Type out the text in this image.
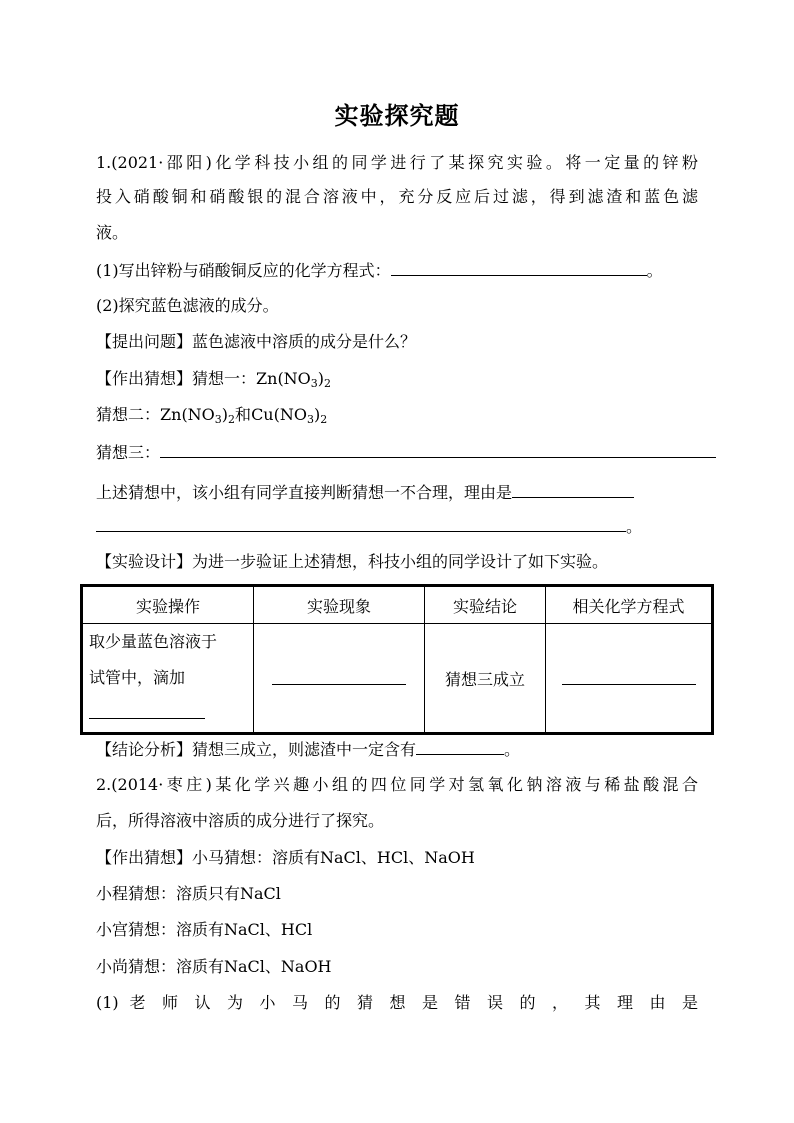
实验探究题
1.(2021·邵阳)化学科技小组的同学进行了某探究实验。将一定量的锌粉
投入硝酸铜和硝酸银的混合溶液中，充分反应后过滤，得到滤渣和蓝色滤
液。
(1)写出锌粉与硝酸铜反应的化学方程式：	。
(2)探究蓝色滤液的成分。
【提出问题】蓝色滤液中溶质的成分是什么？
【作出猜想】猜想一：$Zn(NO_3)_2$
猜想二：$Zn(NO_3)_2$和$Cu(NO_3)_2$
猜想三：
上述猜想中，该小组有同学直接判断猜想一不合理，理由是
。
【实验设计】为进一步验证上述猜想，科技小组的同学设计了如下实验。
实验操作	实验现象	实验结论	相关化学方程式

取少量蓝色溶液于
试管中，滴加		猜想三成立	
【结论分析】猜想三成立，则滤渣中一定含有	。
2.(2014·枣庄)某化学兴趣小组的四位同学对氢氧化钠溶液与稀盐酸混合
后，所得溶液中溶质的成分进行了探究。
【作出猜想】小马猜想：溶质有NaCl、HCl、NaOH
小程猜想：溶质只有NaCl
小宫猜想：溶质有NaCl、HCl
小尚猜想：溶质有NaCl、NaOH
(1) 老 师 认 为 小 马 的 猜 想 是 错 误 的 ， 其 理 由 是
